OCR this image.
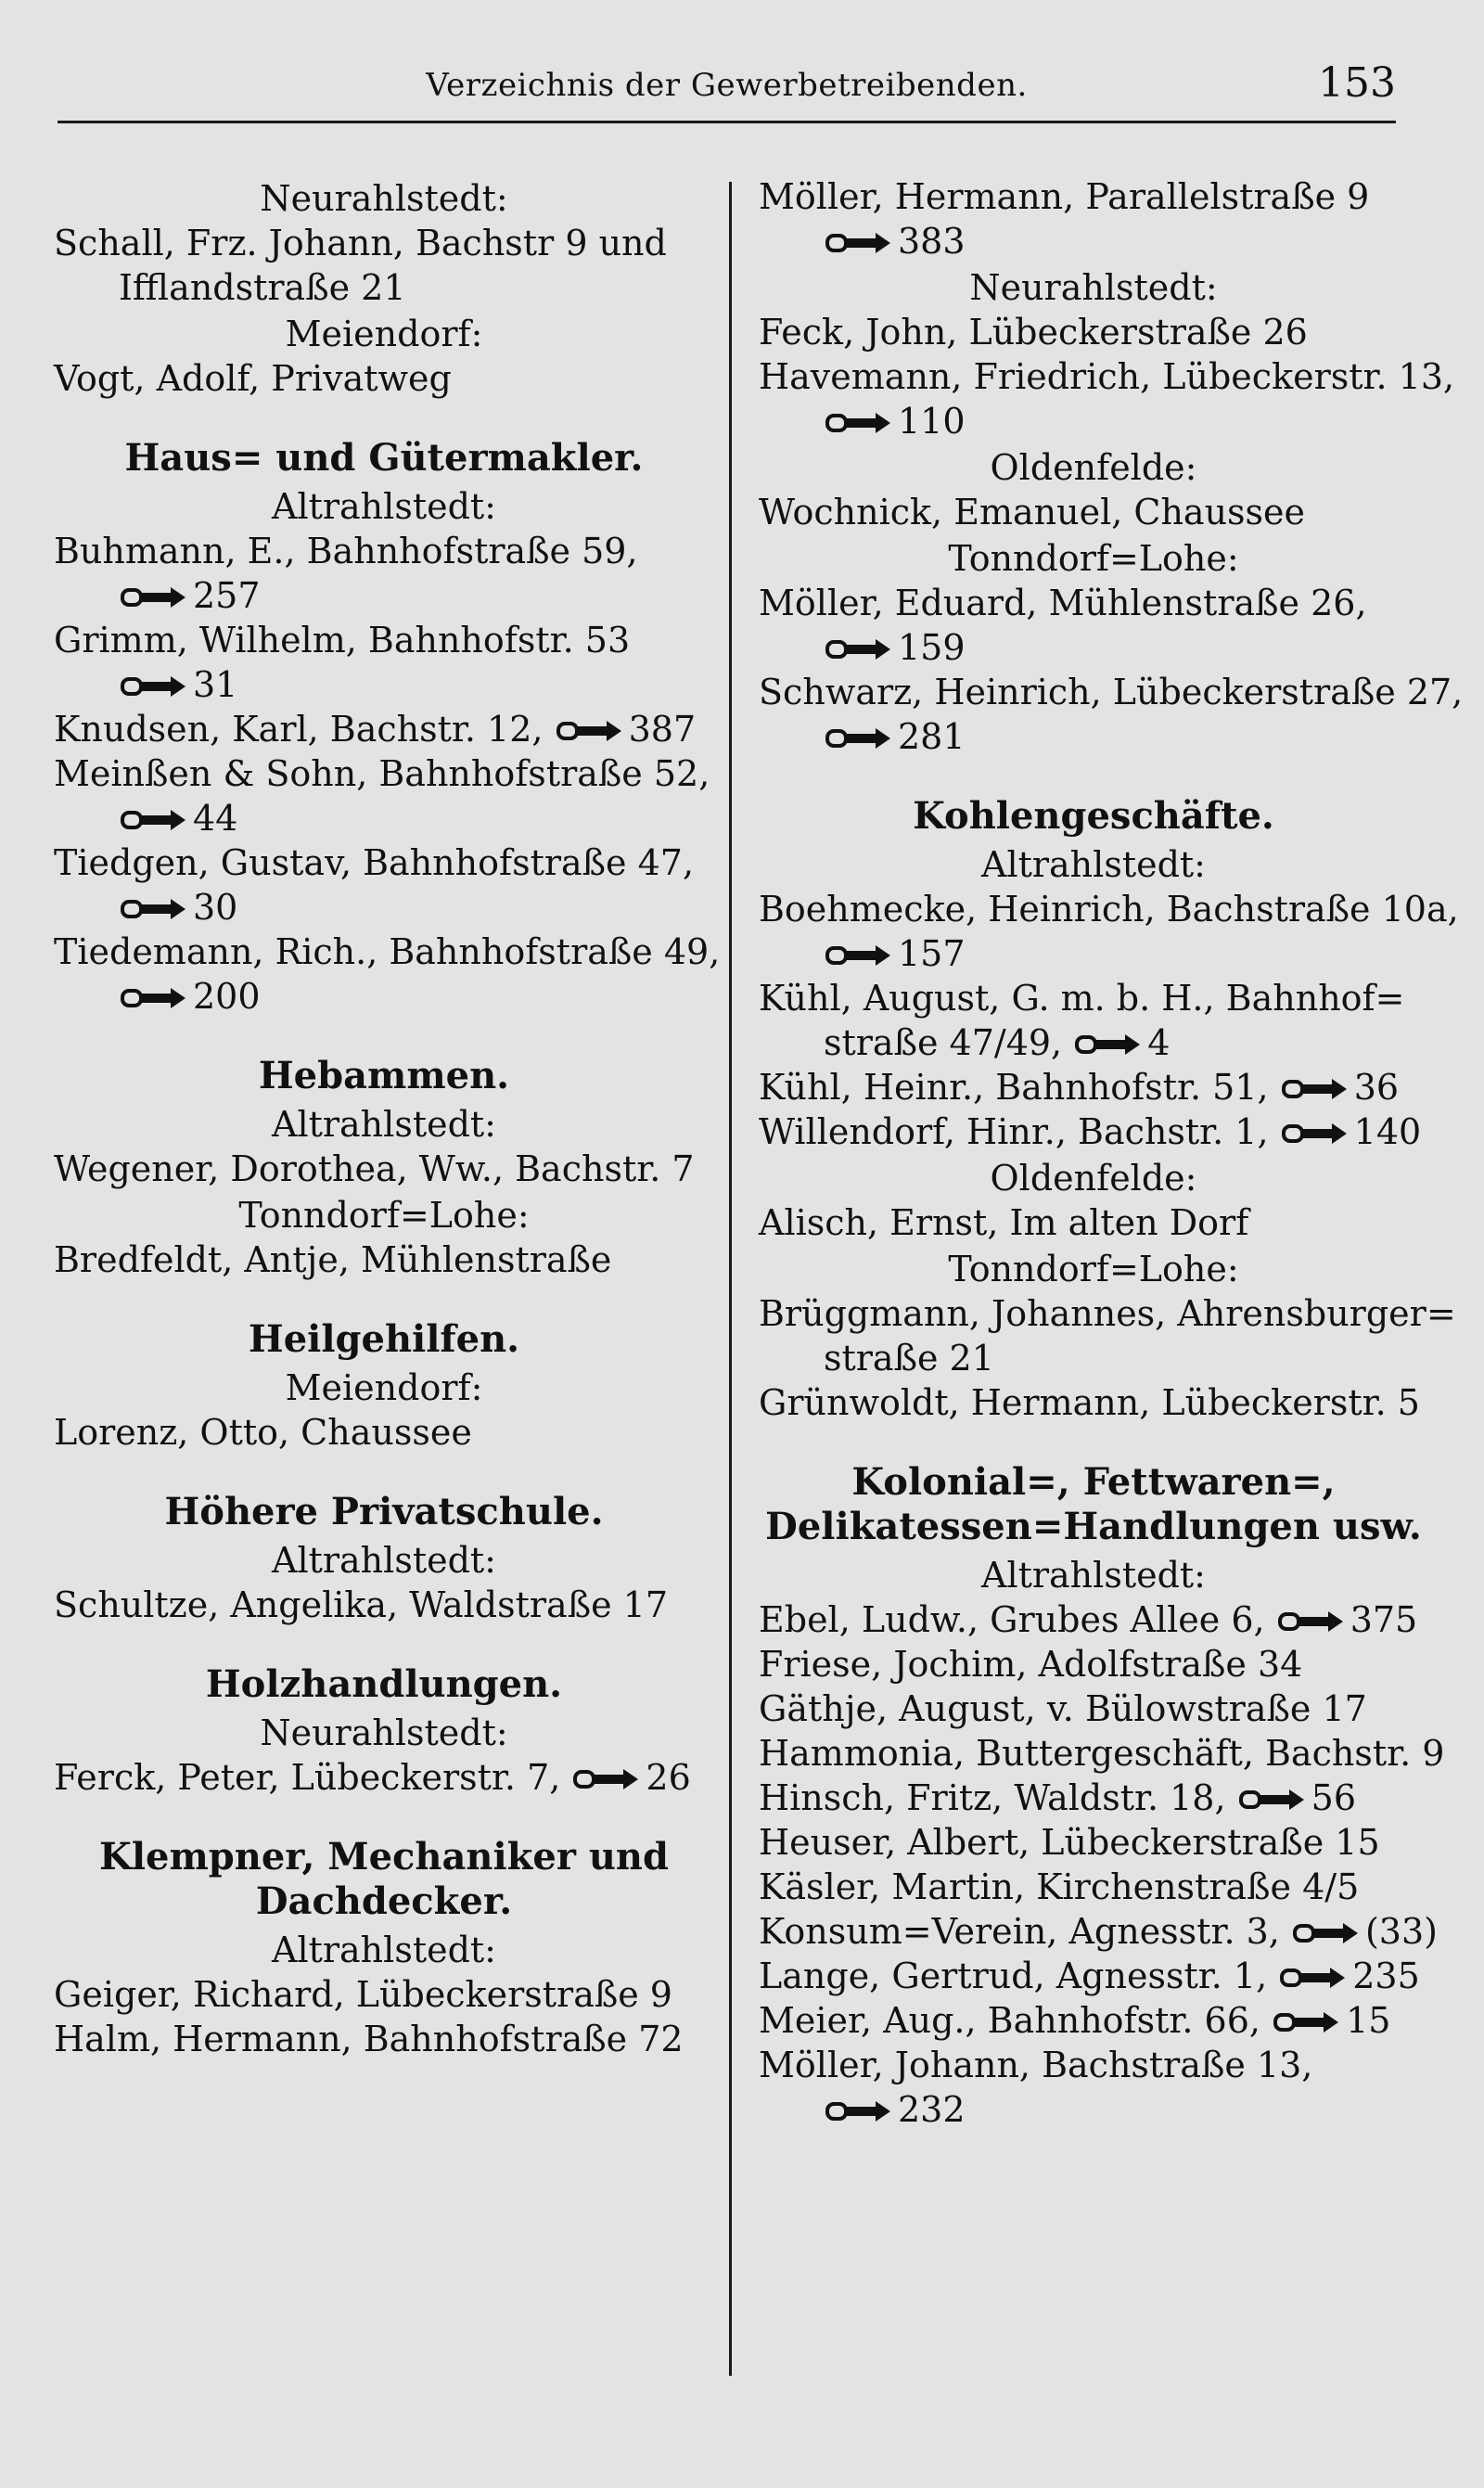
Verzeichnis der Gewerbetreibenden.	153
Neurahlstedt:
Schall, Frz. Johann, Bachstr 9 und
Ifflandstraße 21
Meiendorf:
Vogt, Adolf, Privatweg
Haus= und Gütermakler.
Altrahlstedt:
Buhmann, E., Bahnhofstraße 59,
257
Grimm, Wilhelm, Bahnhofstr. 53
31
Knudsen, Karl, Bachstr. 12, 387
Meinßen & Sohn, Bahnhofstraße 52,
44
Tiedgen, Gustav, Bahnhofstraße 47,
30
Tiedemann, Rich., Bahnhofstraße 49,
200
Hebammen.
Altrahlstedt:
Wegener, Dorothea, Ww., Bachstr. 7
Tonndorf=Lohe:
Bredfeldt, Antje, Mühlenstraße
Heilgehilfen.
Meiendorf:
Lorenz, Otto, Chaussee
Höhere Privatschule.
Altrahlstedt:
Schultze, Angelika, Waldstraße 17
Holzhandlungen.
Neurahlstedt:
Ferck, Peter, Lübeckerstr. 7, 26
Klempner, Mechaniker und
Dachdecker.
Altrahlstedt:
Geiger, Richard, Lübeckerstraße 9
Halm, Hermann, Bahnhofstraße 72
Möller, Hermann, Parallelstraße 9
383
Neurahlstedt:
Feck, John, Lübeckerstraße 26
Havemann, Friedrich, Lübeckerstr. 13,
110
Oldenfelde:
Wochnick, Emanuel, Chaussee
Tonndorf=Lohe:
Möller, Eduard, Mühlenstraße 26,
159
Schwarz, Heinrich, Lübeckerstraße 27,
281
Kohlengeschäfte.
Altrahlstedt:
Boehmecke, Heinrich, Bachstraße 10a,
157
Kühl, August, G. m. b. H., Bahnhof=
straße 47/49, 4
Kühl, Heinr., Bahnhofstr. 51, 36
Willendorf, Hinr., Bachstr. 1, 140
Oldenfelde:
Alisch, Ernst, Im alten Dorf
Tonndorf=Lohe:
Brüggmann, Johannes, Ahrensburger=
straße 21
Grünwoldt, Hermann, Lübeckerstr. 5
Kolonial=, Fettwaren=,
Delikatessen=Handlungen usw.
Altrahlstedt:
Ebel, Ludw., Grubes Allee 6, 375
Friese, Jochim, Adolfstraße 34
Gäthje, August, v. Bülowstraße 17
Hammonia, Buttergeschäft, Bachstr. 9
Hinsch, Fritz, Waldstr. 18, 56
Heuser, Albert, Lübeckerstraße 15
Käsler, Martin, Kirchenstraße 4/5
Konsum=Verein, Agnesstr. 3, (33)
Lange, Gertrud, Agnesstr. 1, 235
Meier, Aug., Bahnhofstr. 66, 15
Möller, Johann, Bachstraße 13,
232
